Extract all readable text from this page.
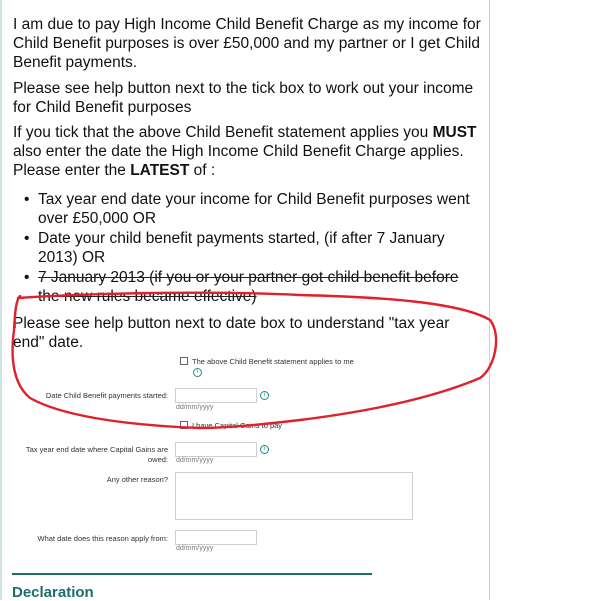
I am due to pay High Income Child Benefit Charge as my income for Child Benefit purposes is over £50,000 and my partner or I get Child Benefit payments.

Please see help button next to the tick box to work out your income for Child Benefit purposes

If you tick that the above Child Benefit statement applies you MUST also enter the date the High Income Child Benefit Charge applies. Please enter the LATEST of :

• Tax year end date your income for Child Benefit purposes went over £50,000 OR
• Date your child benefit payments started, (if after 7 January 2013) OR
• 7 January 2013 (if you or your partner got child benefit before the new rules became effective)

Please see help button next to date box to understand "tax year end" date.

The above Child Benefit statement applies to me
i
Date Child Benefit payments started:	i
dd/mm/yyyy
I have Capital Gains to pay
Tax year end date where Capital Gains are
owed:
i
dd/mm/yyyy
Any other reason?
What date does this reason apply from:
dd/mm/yyyy
Declaration
